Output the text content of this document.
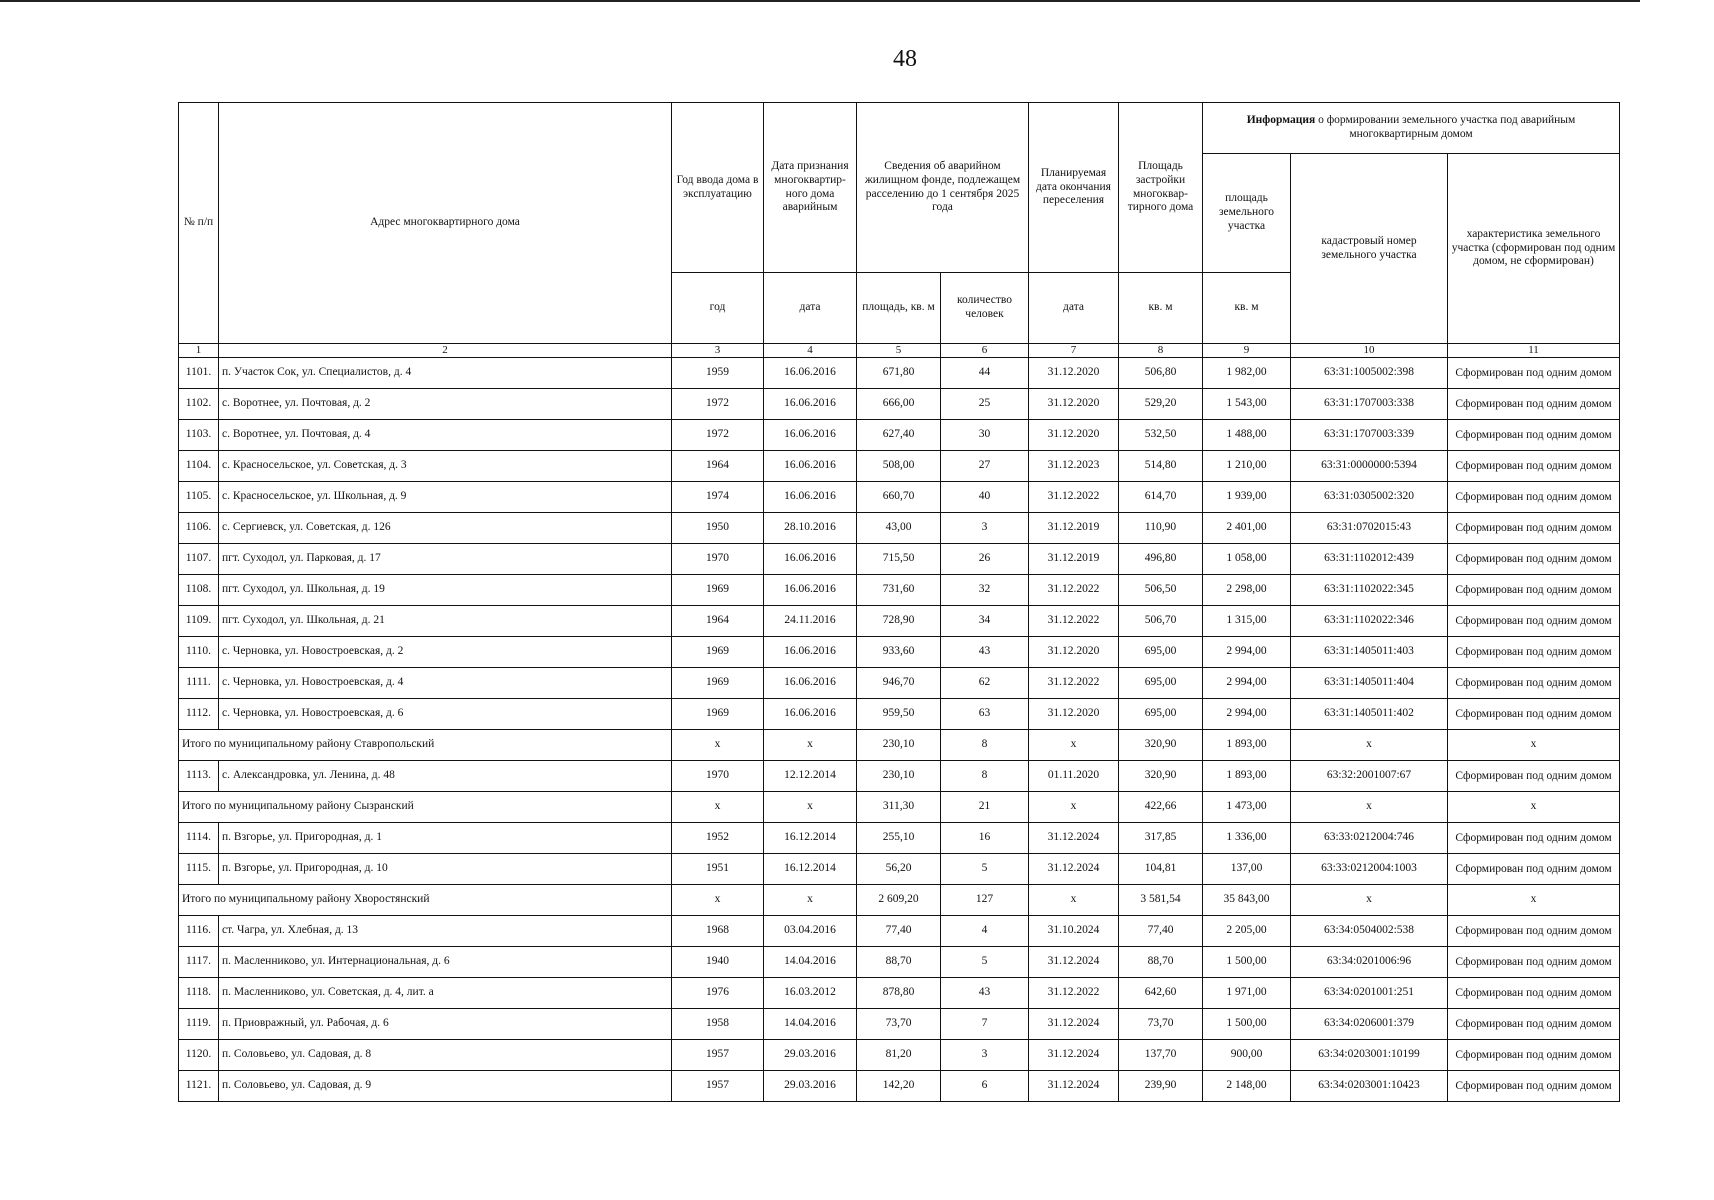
48
№ п/п	Адрес многоквартирного дома	Год ввода дома в эксплуатацию	Дата признания многоквартир-ного дома аварийным	Сведения об аварийном жилищном фонде, подлежащем расселению до 1 сентября 2025 года		Планируемая дата окончания переселения	Площадь застройки многоквар-тирного дома	Информация о формировании земельного участка под аварийным многоквартирным домом		
								площадь земельного участка	кадастровый номер земельного участка	характеристика земельного участка (сформирован под одним домом, не сформирован)
		год	дата	площадь, кв. м	количество человек	дата	кв. м	кв. м		
1	2	3	4	5	6	7	8	9	10	11
1101.	п. Участок Сок, ул. Специалистов, д. 4	1959	16.06.2016	671,80	44	31.12.2020	506,80	1 982,00	63:31:1005002:398	Сформирован под одним домом
1102.	с. Воротнее, ул. Почтовая, д. 2	1972	16.06.2016	666,00	25	31.12.2020	529,20	1 543,00	63:31:1707003:338	Сформирован под одним домом
1103.	с. Воротнее, ул. Почтовая, д. 4	1972	16.06.2016	627,40	30	31.12.2020	532,50	1 488,00	63:31:1707003:339	Сформирован под одним домом
1104.	с. Красносельское, ул. Советская, д. 3	1964	16.06.2016	508,00	27	31.12.2023	514,80	1 210,00	63:31:0000000:5394	Сформирован под одним домом
1105.	с. Красносельское, ул. Школьная, д. 9	1974	16.06.2016	660,70	40	31.12.2022	614,70	1 939,00	63:31:0305002:320	Сформирован под одним домом
1106.	с. Сергиевск, ул. Советская, д. 126	1950	28.10.2016	43,00	3	31.12.2019	110,90	2 401,00	63:31:0702015:43	Сформирован под одним домом
1107.	пгт. Суходол, ул. Парковая, д. 17	1970	16.06.2016	715,50	26	31.12.2019	496,80	1 058,00	63:31:1102012:439	Сформирован под одним домом
1108.	пгт. Суходол, ул. Школьная, д. 19	1969	16.06.2016	731,60	32	31.12.2022	506,50	2 298,00	63:31:1102022:345	Сформирован под одним домом
1109.	пгт. Суходол, ул. Школьная, д. 21	1964	24.11.2016	728,90	34	31.12.2022	506,70	1 315,00	63:31:1102022:346	Сформирован под одним домом
1110.	с. Черновка, ул. Новостроевская, д. 2	1969	16.06.2016	933,60	43	31.12.2020	695,00	2 994,00	63:31:1405011:403	Сформирован под одним домом
1111.	с. Черновка, ул. Новостроевская, д. 4	1969	16.06.2016	946,70	62	31.12.2022	695,00	2 994,00	63:31:1405011:404	Сформирован под одним домом
1112.	с. Черновка, ул. Новостроевская, д. 6	1969	16.06.2016	959,50	63	31.12.2020	695,00	2 994,00	63:31:1405011:402	Сформирован под одним домом
Итого по муниципальному району Ставропольский		x	x	230,10	8	x	320,90	1 893,00	x	x
1113.	с. Александровка, ул. Ленина, д. 48	1970	12.12.2014	230,10	8	01.11.2020	320,90	1 893,00	63:32:2001007:67	Сформирован под одним домом
Итого по муниципальному району Сызранский		x	x	311,30	21	x	422,66	1 473,00	x	x
1114.	п. Взгорье, ул. Пригородная, д. 1	1952	16.12.2014	255,10	16	31.12.2024	317,85	1 336,00	63:33:0212004:746	Сформирован под одним домом
1115.	п. Взгорье, ул. Пригородная, д. 10	1951	16.12.2014	56,20	5	31.12.2024	104,81	137,00	63:33:0212004:1003	Сформирован под одним домом
Итого по муниципальному району Хворостянский		x	x	2 609,20	127	x	3 581,54	35 843,00	x	x
1116.	ст. Чагра, ул. Хлебная, д. 13	1968	03.04.2016	77,40	4	31.10.2024	77,40	2 205,00	63:34:0504002:538	Сформирован под одним домом
1117.	п. Масленниково, ул. Интернациональная, д. 6	1940	14.04.2016	88,70	5	31.12.2024	88,70	1 500,00	63:34:0201006:96	Сформирован под одним домом
1118.	п. Масленниково, ул. Советская, д. 4, лит. а	1976	16.03.2012	878,80	43	31.12.2022	642,60	1 971,00	63:34:0201001:251	Сформирован под одним домом
1119.	п. Приовражный, ул. Рабочая, д. 6	1958	14.04.2016	73,70	7	31.12.2024	73,70	1 500,00	63:34:0206001:379	Сформирован под одним домом
1120.	п. Соловьево, ул. Садовая, д. 8	1957	29.03.2016	81,20	3	31.12.2024	137,70	900,00	63:34:0203001:10199	Сформирован под одним домом
1121.	п. Соловьево, ул. Садовая, д. 9	1957	29.03.2016	142,20	6	31.12.2024	239,90	2 148,00	63:34:0203001:10423	Сформирован под одним домом
